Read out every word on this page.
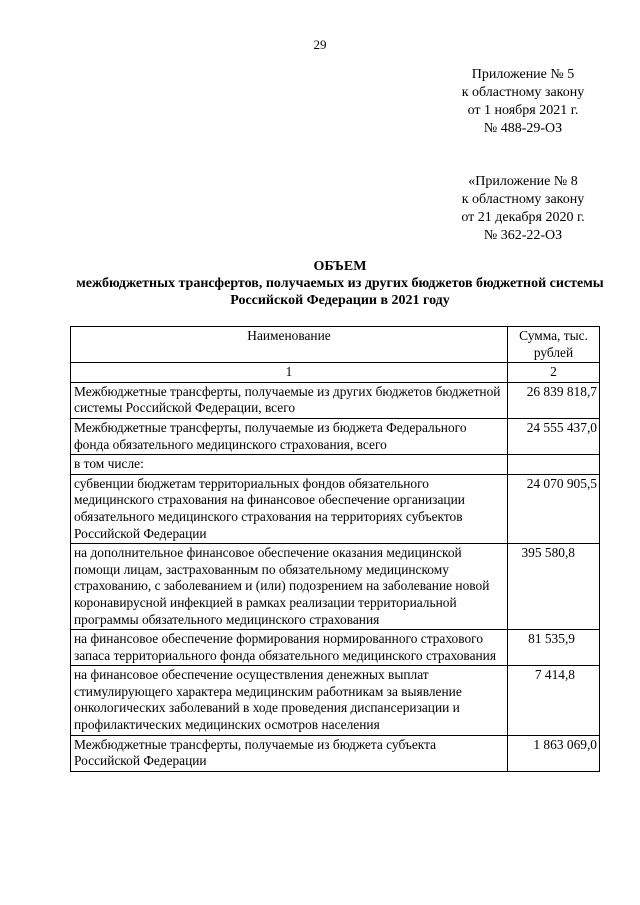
29
Приложение № 5
к областному закону
от 1 ноября 2021 г.
№ 488-29-ОЗ
«Приложение № 8
к областному закону
от 21 декабря 2020 г.
№ 362-22-ОЗ
ОБЪЕМ
межбюджетных трансфертов, получаемых из других бюджетов бюджетной системы Российской Федерации в 2021 году
Наименование	Сумма, тыс. рублей
1	2
Межбюджетные трансферты, получаемые из других бюджетов бюджетной системы Российской Федерации, всего	26 839 818,7
Межбюджетные трансферты, получаемые из бюджета Федерального фонда обязательного медицинского страхования, всего	24 555 437,0
в том числе:	
субвенции бюджетам территориальных фондов обязательного медицинского страхования на финансовое обеспечение организации обязательного медицинского страхования на территориях субъектов Российской Федерации	24 070 905,5
на дополнительное финансовое обеспечение оказания медицинской помощи лицам, застрахованным по обязательному медицинскому страхованию, с заболеванием и (или) подозрением на заболевание новой коронавирусной инфекцией в рамках реализации территориальной программы обязательного медицинского страхования	395 580,8
на финансовое обеспечение формирования нормированного страхового запаса территориального фонда обязательного медицинского страхования	81 535,9
на финансовое обеспечение осуществления денежных выплат стимулирующего характера медицинским работникам за выявление онкологических заболеваний в ходе проведения диспансеризации и профилактических медицинских осмотров населения	7 414,8
Межбюджетные трансферты, получаемые из бюджета субъекта Российской Федерации	1 863 069,0
